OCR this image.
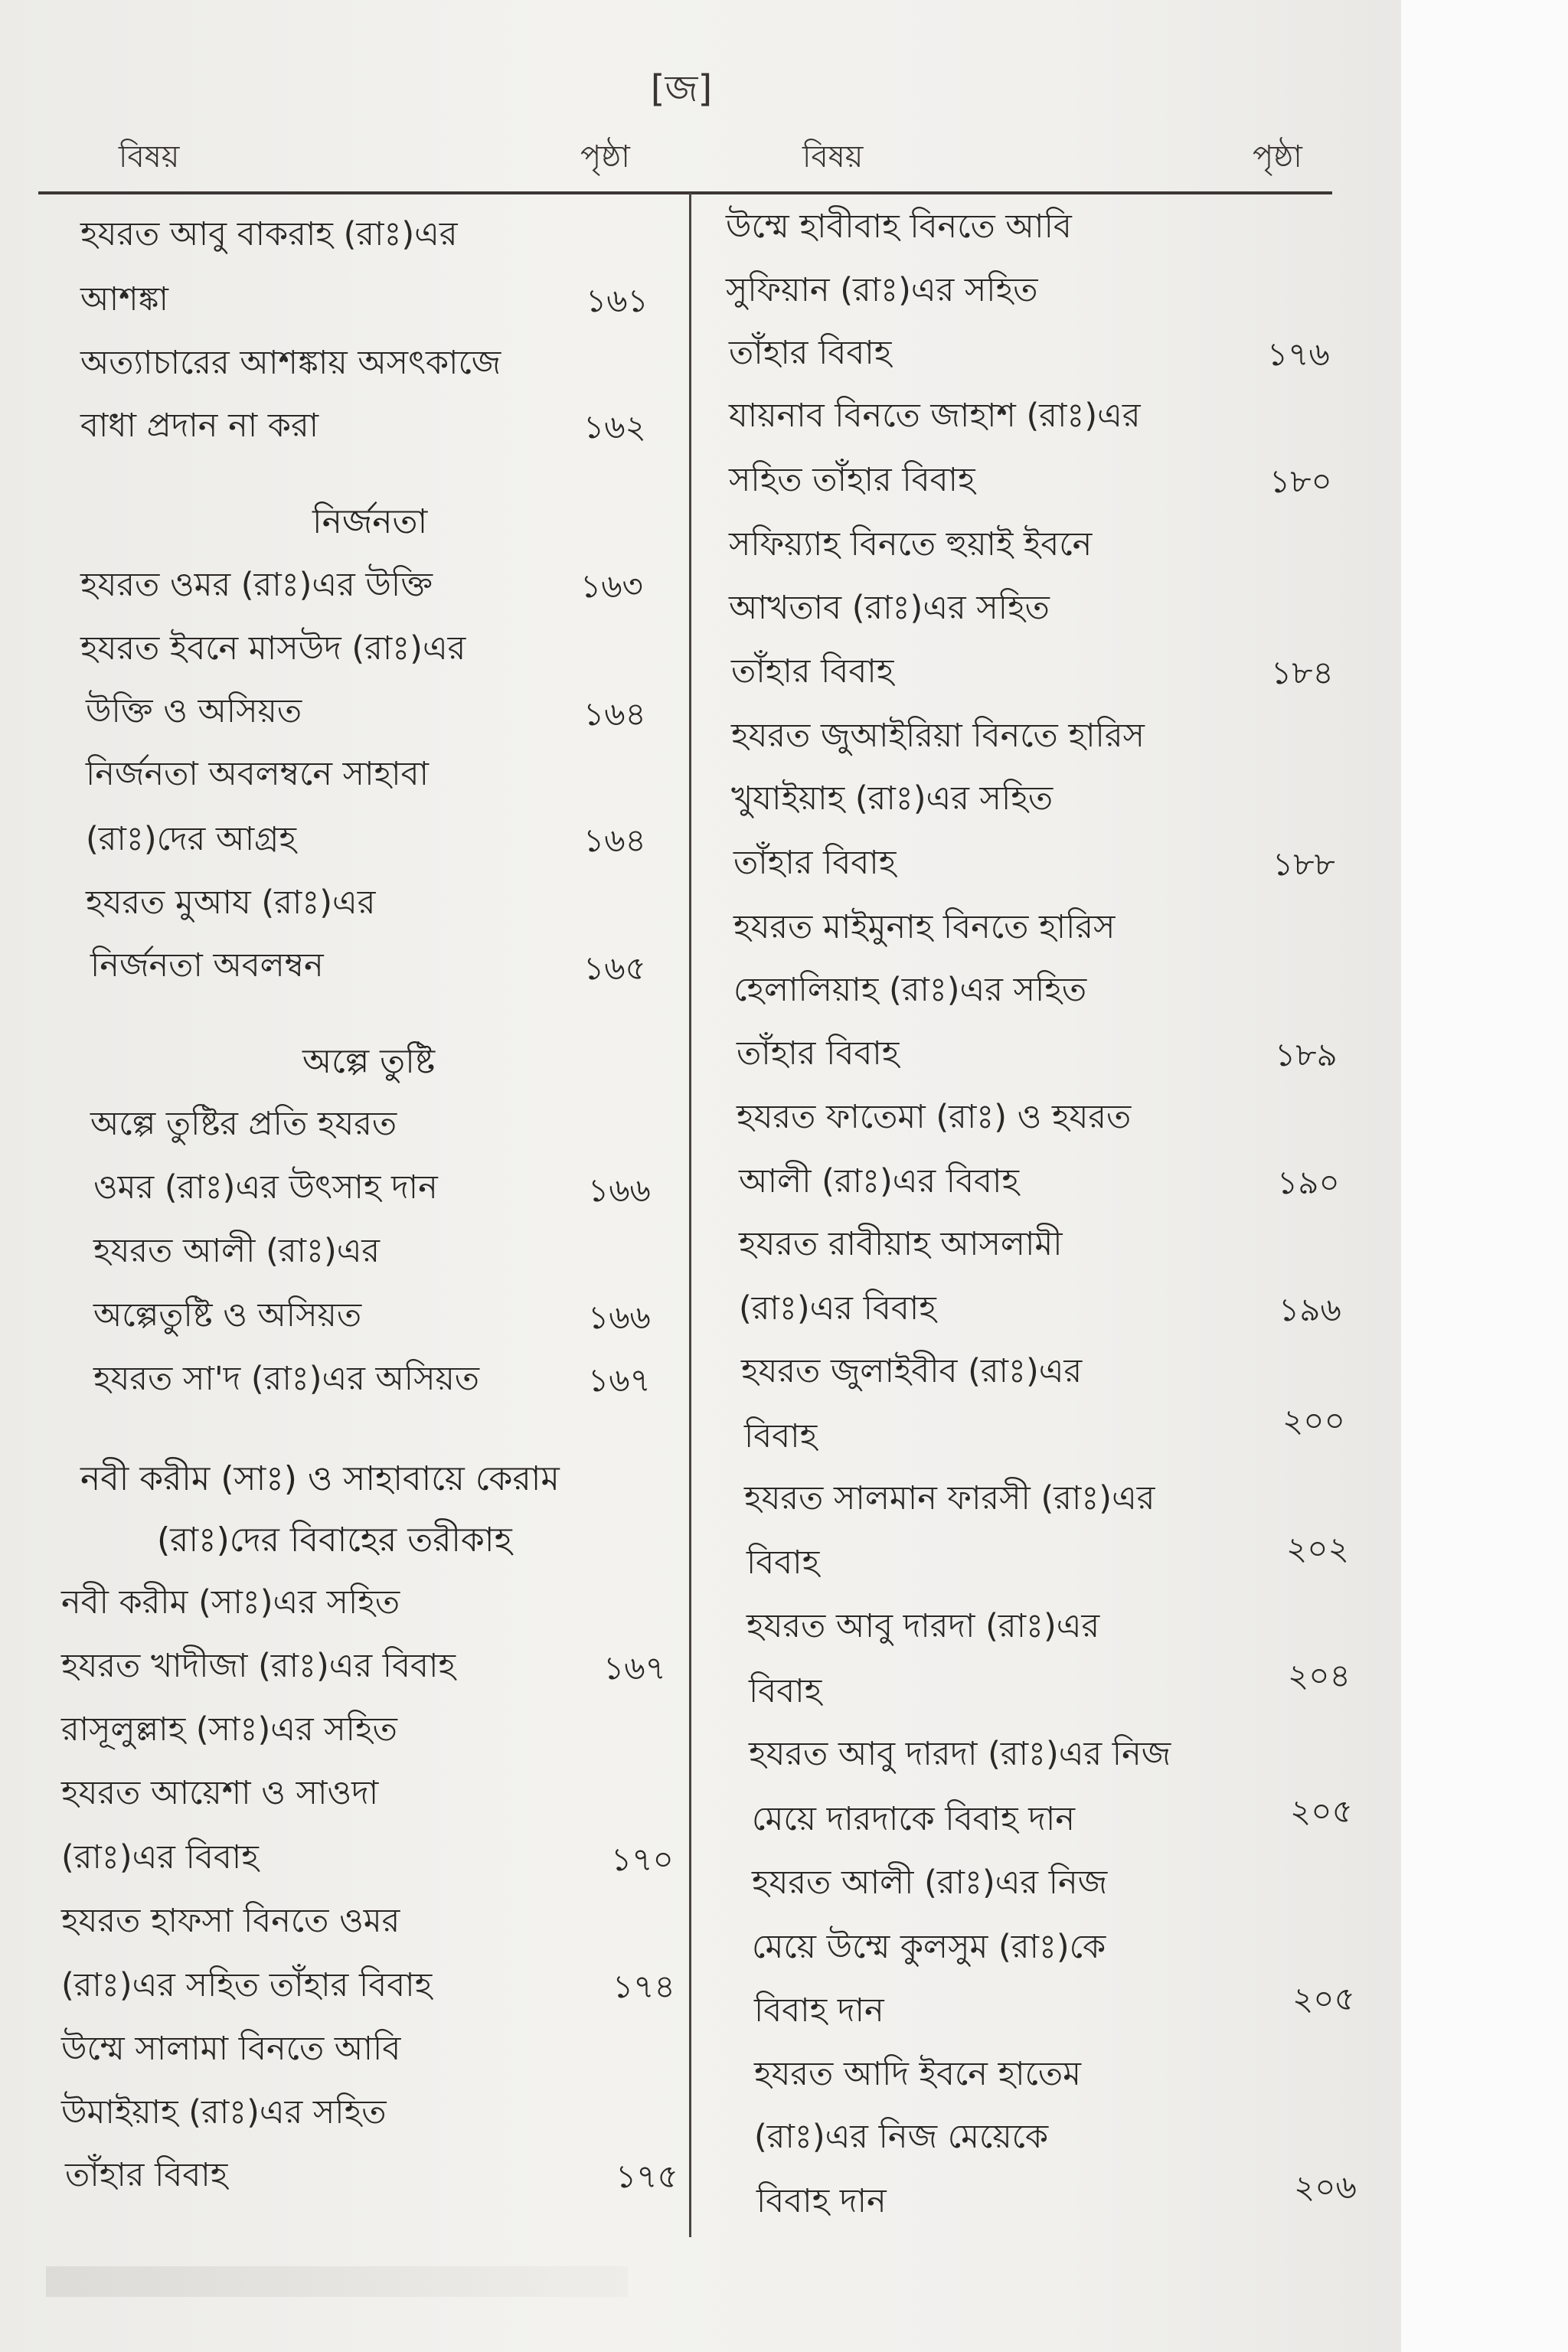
[জ]
বিষয়	পৃষ্ঠা	বিষয়	পৃষ্ঠা
হযরত আবু বাকরাহ (রাঃ)এর
আশঙ্কা	১৬১
অত্যাচারের আশঙ্কায় অসৎকাজে
বাধা প্রদান না করা	১৬২
নির্জনতা
হযরত ওমর (রাঃ)এর উক্তি	১৬৩
হযরত ইবনে মাসউদ (রাঃ)এর
উক্তি ও অসিয়ত	১৬৪
নির্জনতা অবলম্বনে সাহাবা
(রাঃ)দের আগ্রহ	১৬৪
হযরত মুআয (রাঃ)এর
নির্জনতা অবলম্বন	১৬৫
অল্পে তুষ্টি
অল্পে তুষ্টির প্রতি হযরত
ওমর (রাঃ)এর উৎসাহ দান	১৬৬
হযরত আলী (রাঃ)এর
অল্পেতুষ্টি ও অসিয়ত	১৬৬
হযরত সা'দ (রাঃ)এর অসিয়ত	১৬৭
নবী করীম (সাঃ) ও সাহাবায়ে কেরাম
(রাঃ)দের বিবাহের তরীকাহ
নবী করীম (সাঃ)এর সহিত
হযরত খাদীজা (রাঃ)এর বিবাহ	১৬৭
রাসূলুল্লাহ (সাঃ)এর সহিত
হযরত আয়েশা ও সাওদা
(রাঃ)এর বিবাহ	১৭০
হযরত হাফসা বিনতে ওমর
(রাঃ)এর সহিত তাঁহার বিবাহ	১৭৪
উম্মে সালামা বিনতে আবি
উমাইয়াহ (রাঃ)এর সহিত
তাঁহার বিবাহ	১৭৫
উম্মে হাবীবাহ বিনতে আবি
সুফিয়ান (রাঃ)এর সহিত
তাঁহার বিবাহ	১৭৬
যায়নাব বিনতে জাহাশ (রাঃ)এর
সহিত তাঁহার বিবাহ	১৮০
সফিয়্যাহ বিনতে হুয়াই ইবনে
আখতাব (রাঃ)এর সহিত
তাঁহার বিবাহ	১৮৪
হযরত জুআইরিয়া বিনতে হারিস
খুযাইয়াহ (রাঃ)এর সহিত
তাঁহার বিবাহ	১৮৮
হযরত মাইমুনাহ বিনতে হারিস
হেলালিয়াহ (রাঃ)এর সহিত
তাঁহার বিবাহ	১৮৯
হযরত ফাতেমা (রাঃ) ও হযরত
আলী (রাঃ)এর বিবাহ	১৯০
হযরত রাবীয়াহ আসলামী
(রাঃ)এর বিবাহ	১৯৬
হযরত জুলাইবীব (রাঃ)এর
বিবাহ	২০০
হযরত সালমান ফারসী (রাঃ)এর
বিবাহ	২০২
হযরত আবু দারদা (রাঃ)এর
বিবাহ	২০৪
হযরত আবু দারদা (রাঃ)এর নিজ
মেয়ে দারদাকে বিবাহ দান	২০৫
হযরত আলী (রাঃ)এর নিজ
মেয়ে উম্মে কুলসুম (রাঃ)কে
বিবাহ দান	২০৫
হযরত আদি ইবনে হাতেম
(রাঃ)এর নিজ মেয়েকে
বিবাহ দান	২০৬
